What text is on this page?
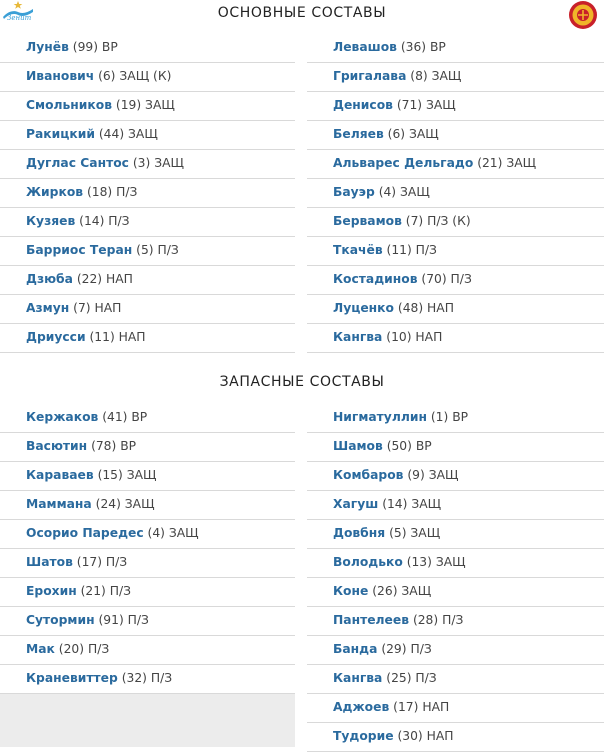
Зенит	ОСНОВНЫЕ СОСТАВЫ
ЗАПАСНЫЕ СОСТАВЫ
Лунёв (99) ВР
Иванович (6) ЗАЩ (К)
Смольников (19) ЗАЩ
Ракицкий (44) ЗАЩ
Дуглас Сантос (3) ЗАЩ
Жирков (18) П/З
Кузяев (14) П/З
Барриос Теран (5) П/З
Дзюба (22) НАП
Азмун (7) НАП
Дриусси (11) НАП
Левашов (36) ВР
Григалава (8) ЗАЩ
Денисов (71) ЗАЩ
Беляев (6) ЗАЩ
Альварес Дельгадо (21) ЗАЩ
Бауэр (4) ЗАЩ
Бервамов (7) П/З (К)
Ткачёв (11) П/З
Костадинов (70) П/З
Луценко (48) НАП
Кангва (10) НАП
Кержаков (41) ВР
Васютин (78) ВР
Караваев (15) ЗАЩ
Маммана (24) ЗАЩ
Осорио Паредес (4) ЗАЩ
Шатов (17) П/З
Ерохин (21) П/З
Сутормин (91) П/З
Мак (20) П/З
Краневиттер (32) П/З
Нигматуллин (1) ВР
Шамов (50) ВР
Комбаров (9) ЗАЩ
Хагуш (14) ЗАЩ
Довбня (5) ЗАЩ
Володько (13) ЗАЩ
Коне (26) ЗАЩ
Пантелеев (28) П/З
Банда (29) П/З
Кангва (25) П/З
Аджоев (17) НАП
Тудорие (30) НАП
